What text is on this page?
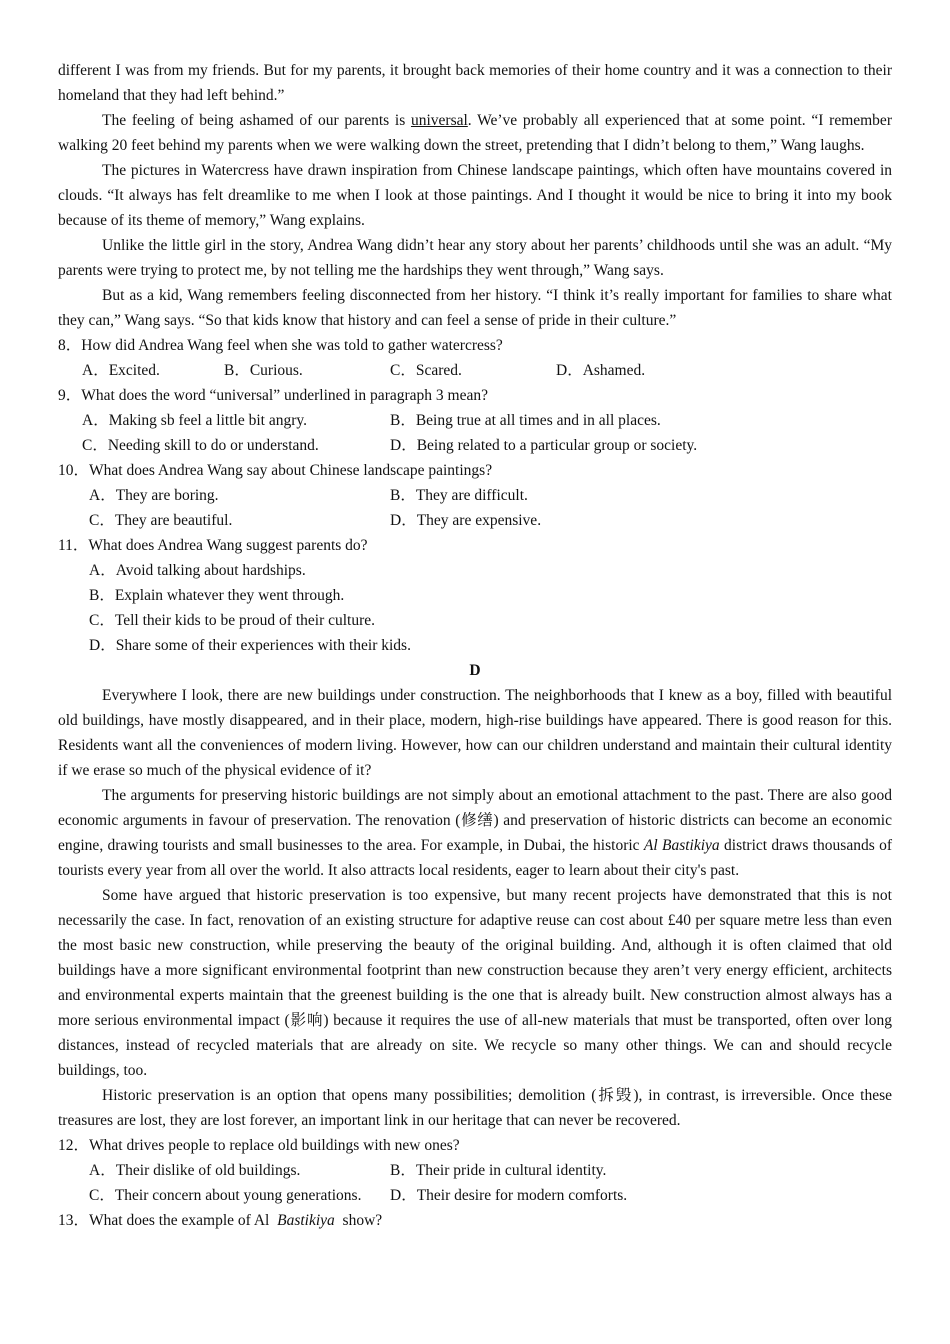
different I was from my friends. But for my parents, it brought back memories of their home country and it was a connection to their homeland that they had left behind.”

The feeling of being ashamed of our parents is universal. We’ve probably all experienced that at some point. “I remember walking 20 feet behind my parents when we were walking down the street, pretending that I didn’t belong to them,” Wang laughs.

The pictures in Watercress have drawn inspiration from Chinese landscape paintings, which often have mountains covered in clouds. “It always has felt dreamlike to me when I look at those paintings. And I thought it would be nice to bring it into my book because of its theme of memory,” Wang explains.

Unlike the little girl in the story, Andrea Wang didn’t hear any story about her parents’ childhoods until she was an adult. “My parents were trying to protect me, by not telling me the hardships they went through,” Wang says.

But as a kid, Wang remembers feeling disconnected from her history. “I think it’s really important for families to share what they can,” Wang says. “So that kids know that history and can feel a sense of pride in their culture.”

8．How did Andrea Wang feel when she was told to gather watercress?
A．Excited.	B．Curious.	C．Scared.	D．Ashamed.
9．What does the word “universal” underlined in paragraph 3 mean?
A．Making sb feel a little bit angry.	B．Being true at all times and in all places.
C．Needing skill to do or understand.	D．Being related to a particular group or society.
10．What does Andrea Wang say about Chinese landscape paintings?
A．They are boring.	B．They are difficult.
C．They are beautiful.	D．They are expensive.
11．What does Andrea Wang suggest parents do?
A．Avoid talking about hardships.
B．Explain whatever they went through.
C．Tell their kids to be proud of their culture.
D．Share some of their experiences with their kids.
D

Everywhere I look, there are new buildings under construction. The neighborhoods that I knew as a boy, filled with beautiful old buildings, have mostly disappeared, and in their place, modern, high-rise buildings have appeared. There is good reason for this. Residents want all the conveniences of modern living. However, how can our children understand and maintain their cultural identity if we erase so much of the physical evidence of it?

The arguments for preserving historic buildings are not simply about an emotional attachment to the past. There are also good economic arguments in favour of preservation. The renovation (修缮) and preservation of historic districts can become an economic engine, drawing tourists and small businesses to the area. For example, in Dubai, the historic Al Bastikiya district draws thousands of tourists every year from all over the world. It also attracts local residents, eager to learn about their city's past.

Some have argued that historic preservation is too expensive, but many recent projects have demonstrated that this is not necessarily the case. In fact, renovation of an existing structure for adaptive reuse can cost about £40 per square metre less than even the most basic new construction, while preserving the beauty of the original building. And, although it is often claimed that old buildings have a more significant environmental footprint than new construction because they aren’t very energy efficient, architects and environmental experts maintain that the greenest building is the one that is already built. New construction almost always has a more serious environmental impact (影响) because it requires the use of all-new materials that must be transported, often over long distances, instead of recycled materials that are already on site. We recycle so many other things. We can and should recycle buildings, too.

Historic preservation is an option that opens many possibilities; demolition (拆毁), in contrast, is irreversible. Once these treasures are lost, they are lost forever, an important link in our heritage that can never be recovered.

12．What drives people to replace old buildings with new ones?
A．Their dislike of old buildings.	B．Their pride in cultural identity.
C．Their concern about young generations.	D．Their desire for modern comforts.
13．What does the example of Al  Bastikiya  show?
